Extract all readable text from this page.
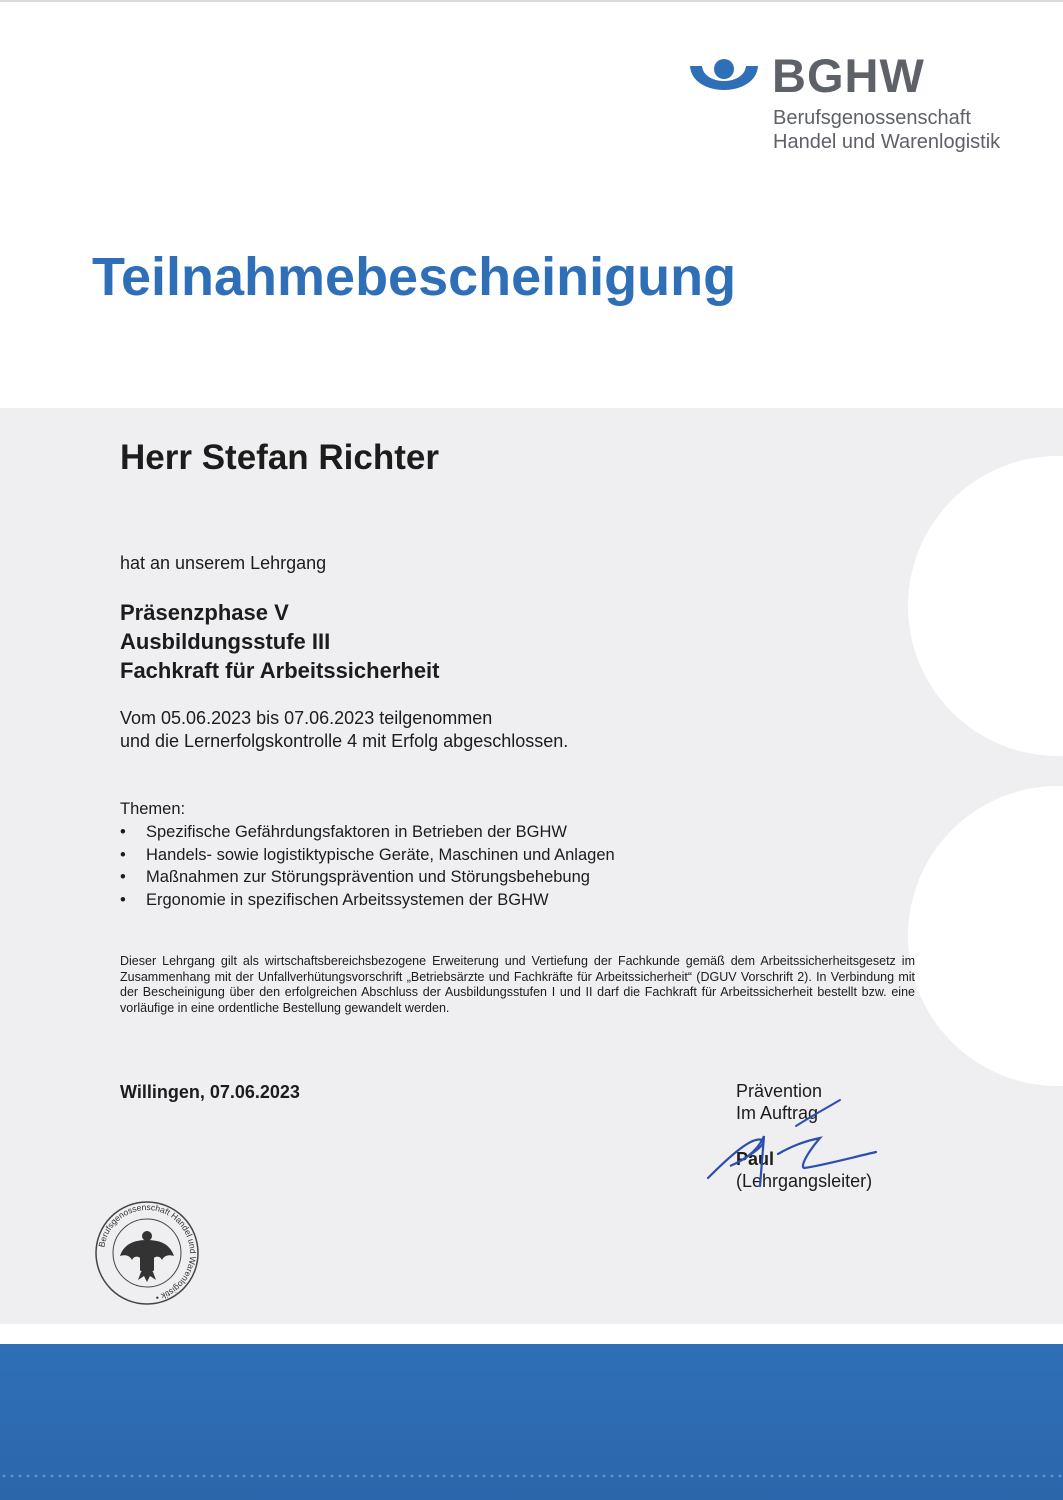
BGHW
Berufsgenossenschaft
Handel und Warenlogistik
Teilnahmebescheinigung
Herr Stefan Richter
hat an unserem Lehrgang
Präsenzphase V
Ausbildungsstufe III
Fachkraft für Arbeitssicherheit
Vom 05.06.2023 bis 07.06.2023 teilgenommen
und die Lernerfolgskontrolle 4 mit Erfolg abgeschlossen.
Themen:
• Spezifische Gefährdungsfaktoren in Betrieben der BGHW
• Handels- sowie logistiktypische Geräte, Maschinen und Anlagen
• Maßnahmen zur Störungsprävention und Störungsbehebung
• Ergonomie in spezifischen Arbeitssystemen der BGHW
Dieser Lehrgang gilt als wirtschaftsbereichsbezogene Erweiterung und Vertiefung der Fachkunde gemäß dem Arbeitssicherheitsgesetz im Zusammenhang mit der Unfallverhütungsvorschrift „Betriebsärzte und Fachkräfte für Arbeitssicherheit“ (DGUV Vorschrift 2). In Verbindung mit der Bescheinigung über den erfolgreichen Abschluss der Ausbildungsstufen I und II darf die Fachkraft für Arbeitssicherheit bestellt bzw. eine vorläufige in eine ordentliche Bestellung gewandelt werden.
Willingen, 07.06.2023	Prävention
Im Auftrag
Paul
(Lehrgangsleiter)
Berufsgenossenschaft Handel und Warenlogistik •
